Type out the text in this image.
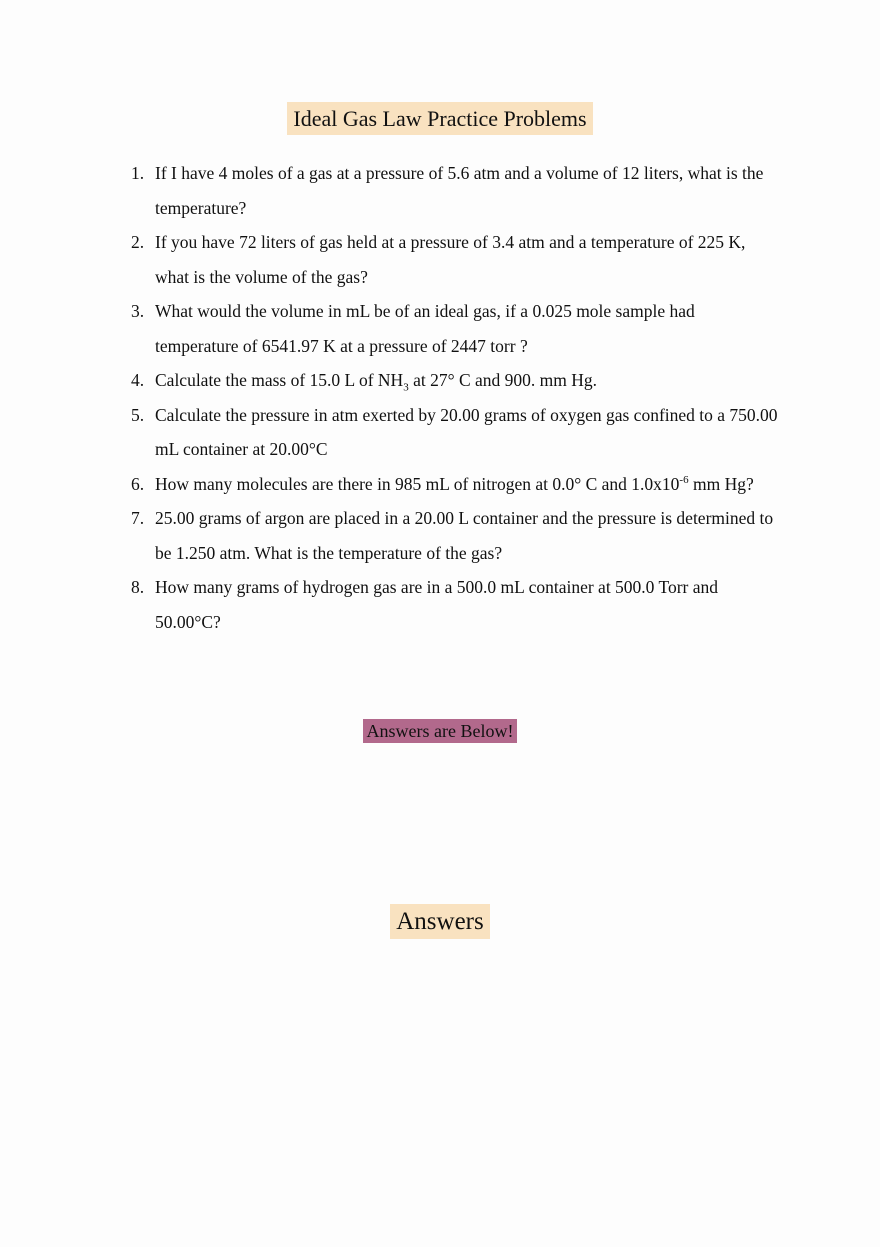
Ideal Gas Law Practice Problems
1. If I have 4 moles of a gas at a pressure of 5.6 atm and a volume of 12 liters, what is the temperature?
2. If you have 72 liters of gas held at a pressure of 3.4 atm and a temperature of 225 K, what is the volume of the gas?
3. What would the volume in mL be of an ideal gas, if a 0.025 mole sample had temperature of 6541.97 K at a pressure of 2447 torr ?
4. Calculate the mass of 15.0 L of $NH_3$ at 27° C and 900. mm Hg.
5. Calculate the pressure in atm exerted by 20.00 grams of oxygen gas confined to a 750.00 mL container at 20.00°C
6. How many molecules are there in 985 mL of nitrogen at 0.0° C and $1.0x10^{-6}$ mm Hg?
7. 25.00 grams of argon are placed in a 20.00 L container and the pressure is determined to be 1.250 atm. What is the temperature of the gas?
8. How many grams of hydrogen gas are in a 500.0 mL container at 500.0 Torr and 50.00°C?
Answers are Below!
Answers
